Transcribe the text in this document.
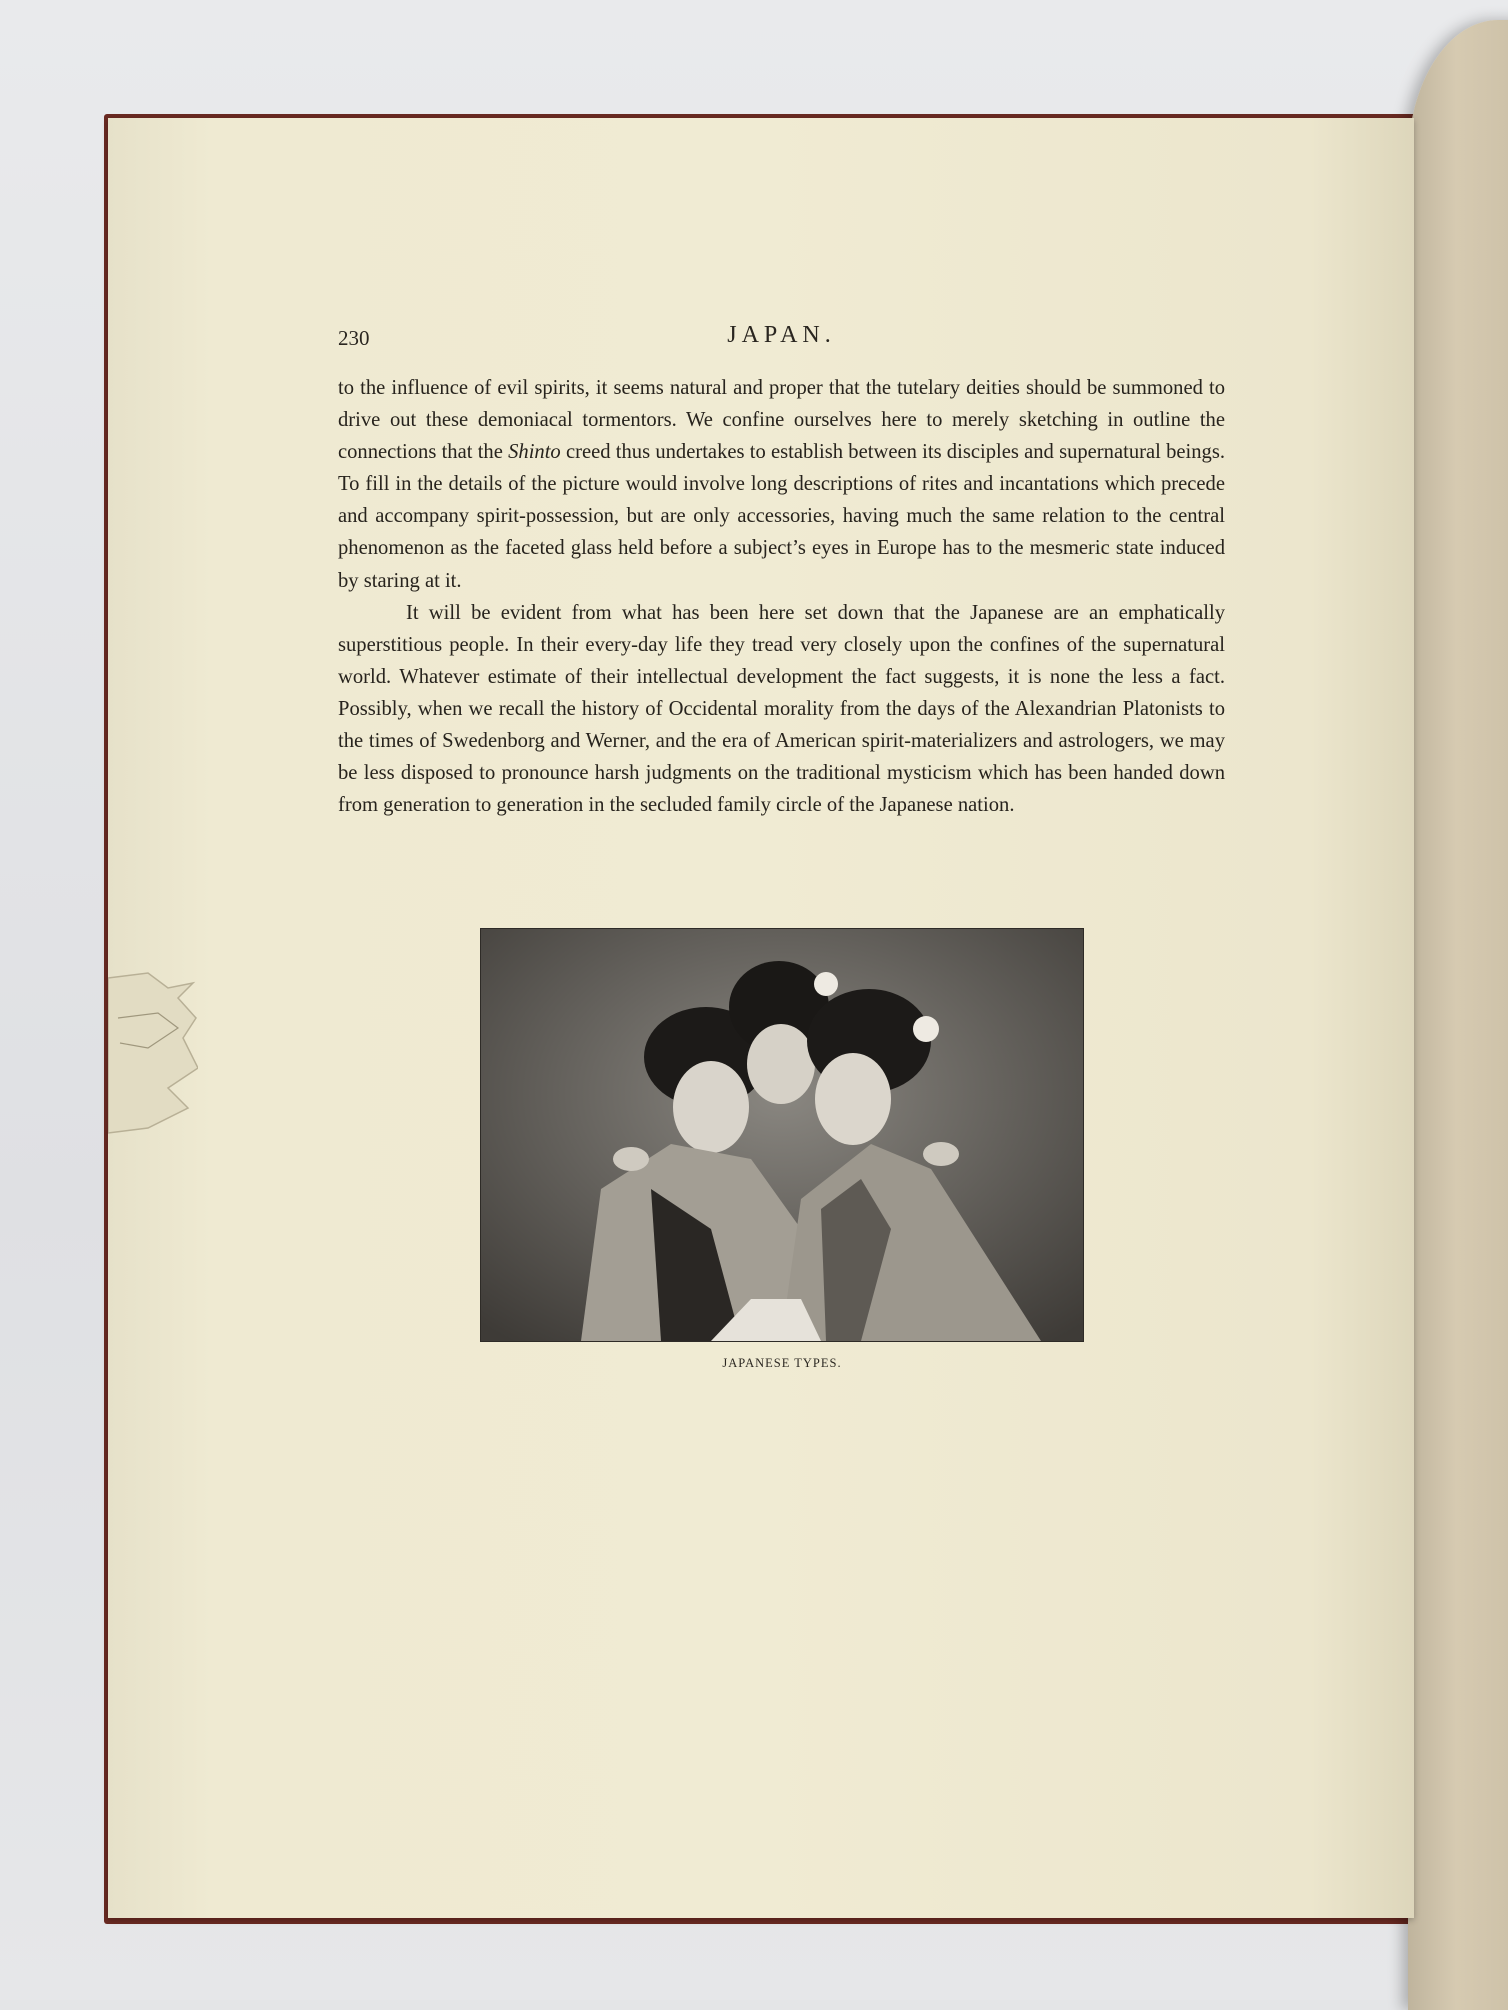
230	JAPAN.

to the influence of evil spirits, it seems natural and proper that the tutelary deities should be summoned to drive out these demoniacal tormentors. We confine ourselves here to merely sketching in outline the connections that the Shinto creed thus undertakes to establish between its disciples and supernatural beings. To fill in the details of the picture would involve long descriptions of rites and incantations which precede and accompany spirit-possession, but are only accessories, having much the same relation to the central phenomenon as the faceted glass held before a subject’s eyes in Europe has to the mesmeric state induced by staring at it.

It will be evident from what has been here set down that the Japanese are an emphatically superstitious people. In their every-day life they tread very closely upon the confines of the supernatural world. Whatever estimate of their intellectual development the fact suggests, it is none the less a fact. Possibly, when we recall the history of Occidental morality from the days of the Alexandrian Platonists to the times of Swedenborg and Werner, and the era of American spirit-materializers and astrologers, we may be less disposed to pronounce harsh judgments on the traditional mysticism which has been handed down from generation to generation in the secluded family circle of the Japanese nation.

JAPANESE TYPES.
